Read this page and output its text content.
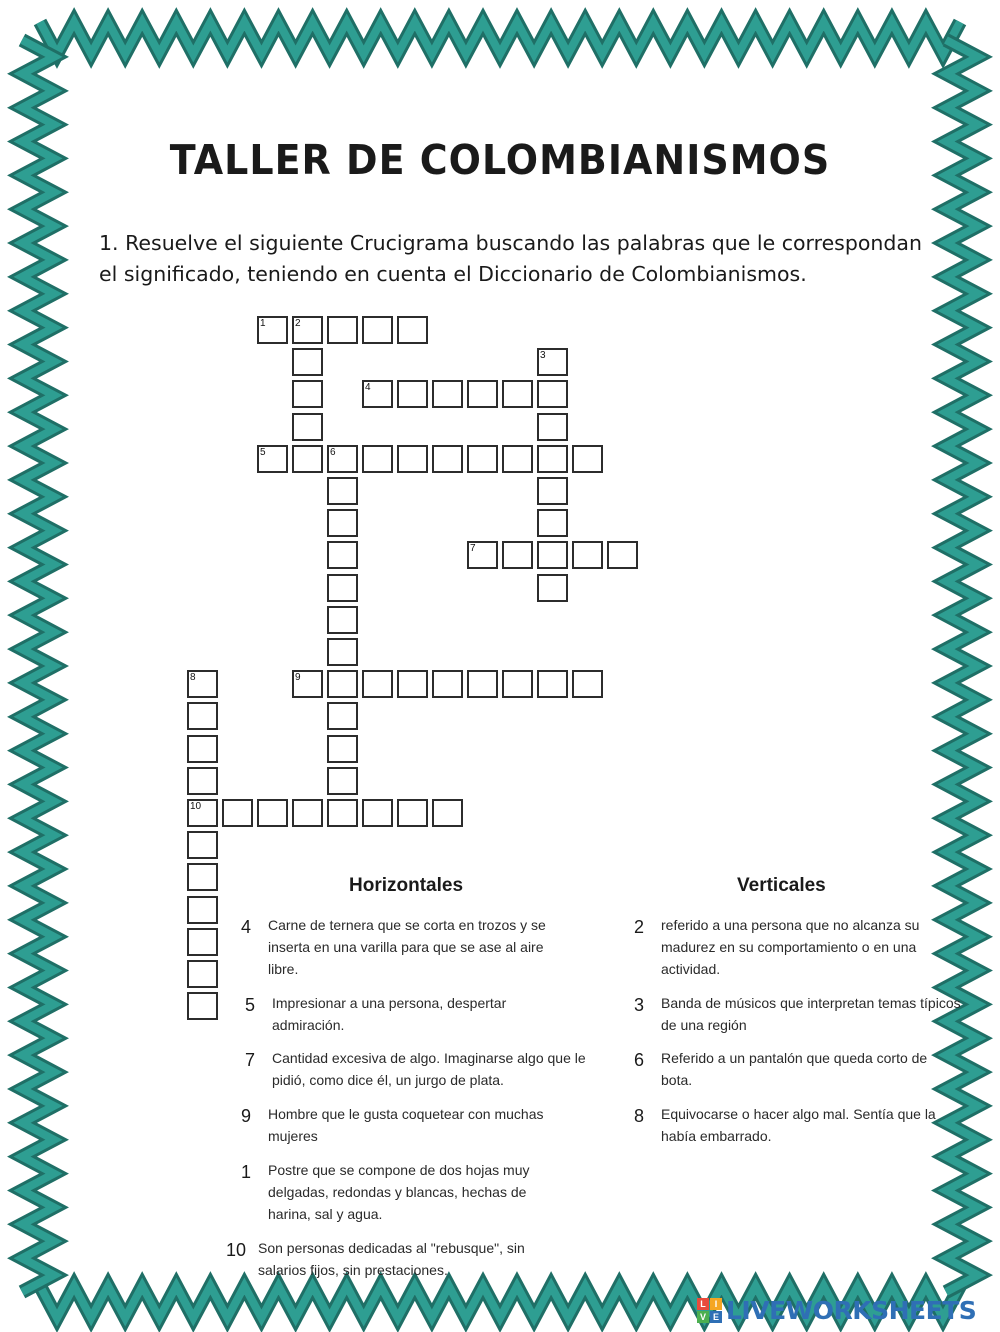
TALLER DE COLOMBIANISMOS
1. Resuelve el siguiente Crucigrama buscando las palabras que le correspondan el significado, teniendo en cuenta el Diccionario de Colombianismos.
1	2
3
4
5	6
7
8
10
9
Horizontales	Verticales
4	Carne de ternera que se corta en trozos y se inserta en una varilla para que se ase al aire libre.
5	Impresionar a una persona, despertar admiración.
7	Cantidad excesiva de algo. Imaginarse algo que le pidió, como dice él, un jurgo de plata.
9	Hombre que le gusta coquetear con muchas mujeres
1	Postre que se compone de dos hojas muy delgadas, redondas y blancas, hechas de harina, sal y agua.
10 Son personas dedicadas al "rebusque", sin salarios fijos, sin prestaciones.
2	referido a una persona que no alcanza su madurez en su comportamiento o en una actividad.
3	Banda de músicos que interpretan temas típicos de una región
6	Referido a un pantalón que queda corto de bota.
8	Equivocarse o hacer algo mal. Sentía que la había embarrado.
L I
V E LIVEWORKSHEETS
